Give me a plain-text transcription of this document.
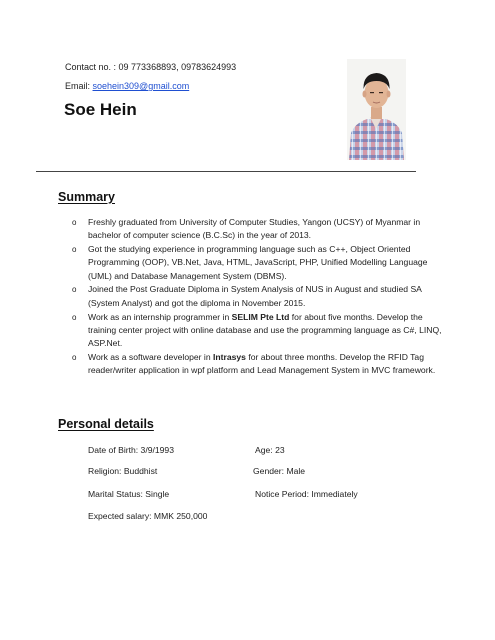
Contact no. : 09 773368893, 09783624993
Email: soehein309@gmail.com
Soe Hein
Summary
o Freshly graduated from University of Computer Studies, Yangon (UCSY) of Myanmar in bachelor of computer science (B.C.Sc) in the year of 2013.
o Got the studying experience in programming language such as C++, Object Oriented Programming (OOP), VB.Net, Java, HTML, JavaScript, PHP, Unified Modelling Language (UML) and Database Management System (DBMS).
o Joined the Post Graduate Diploma in System Analysis of NUS in August and studied SA (System Analyst) and got the diploma in November 2015.
o Work as an internship programmer in SELIM Pte Ltd for about five months. Develop the training center project with online database and use the programming language as C#, LINQ, ASP.Net.
o Work as a software developer in Intrasys for about three months. Develop the RFID Tag reader/writer application in wpf platform and Lead Management System in MVC framework.
Personal details
Date of Birth: 3/9/1993	Age: 23
Religion: Buddhist	Gender: Male
Marital Status: Single	Notice Period: Immediately
Expected salary: MMK 250,000
